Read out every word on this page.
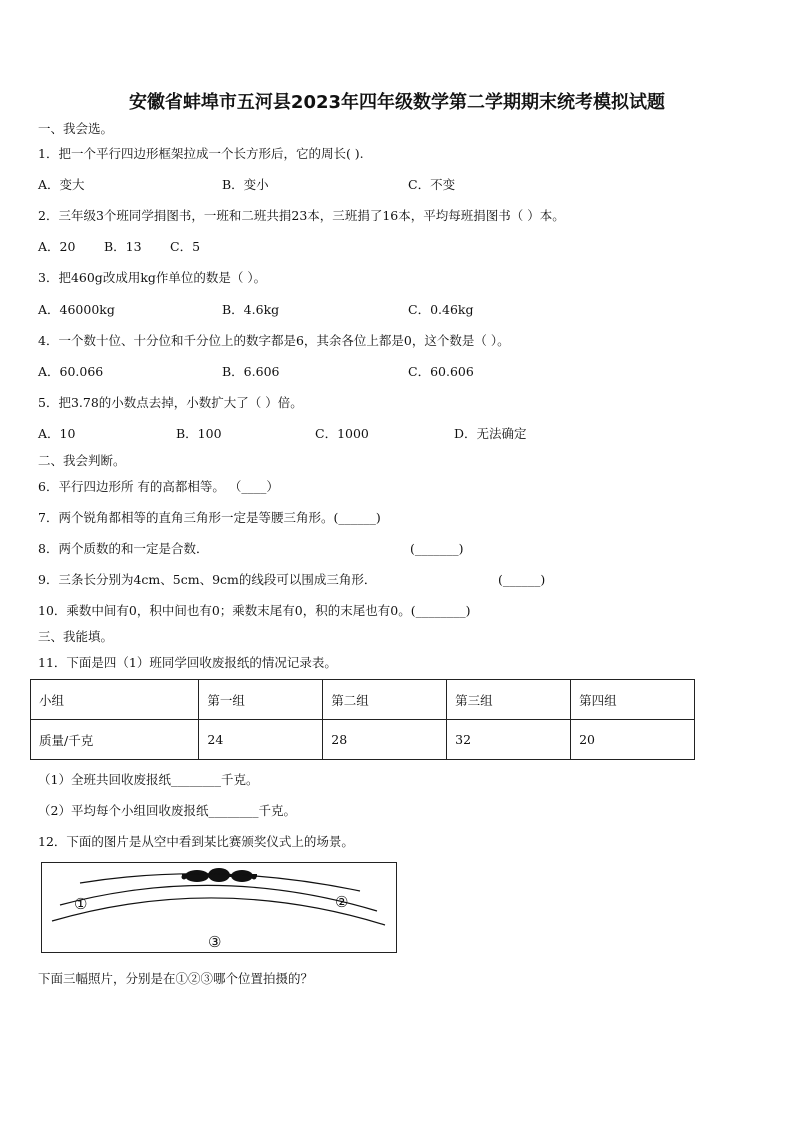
安徽省蚌埠市五河县2023年四年级数学第二学期期末统考模拟试题
一、我会选。
1．把一个平行四边形框架拉成一个长方形后，它的周长( ).
A．变大	B．变小	C．不变
2．三年级3个班同学捐图书，一班和二班共捐23本，三班捐了16本，平均每班捐图书（ ）本。
A．20 B．13 C．5
3．把460g改成用kg作单位的数是（ ）。
A．46000kg	B．4.6kg	C．0.46kg
4．一个数十位、十分位和千分位上的数字都是6，其余各位上都是0，这个数是（ ）。
A．60.066	B．6.606	C．60.606
5．把3.78的小数点去掉，小数扩大了（ ）倍。
A．10	B．100	C．1000	D．无法确定
二、我会判断。
6．平行四边形所 有的高都相等。 （____）
7．两个锐角都相等的直角三角形一定是等腰三角形。(______)
8．两个质数的和一定是合数．	(_______)
9．三条长分别为4cm、5cm、9cm的线段可以围成三角形．	(______)
10．乘数中间有0，积中间也有0；乘数末尾有0，积的末尾也有0。(________)
三、我能填。
11．下面是四（1）班同学回收废报纸的情况记录表。
小组	第一组	第二组	第三组	第四组
质量/千克	24	28	32	20
（1）全班共回收废报纸________千克。
（2）平均每个小组回收废报纸________千克。
12．下面的图片是从空中看到某比赛颁奖仪式上的场景。
①	②
③
下面三幅照片，分别是在①②③哪个位置拍摄的？
